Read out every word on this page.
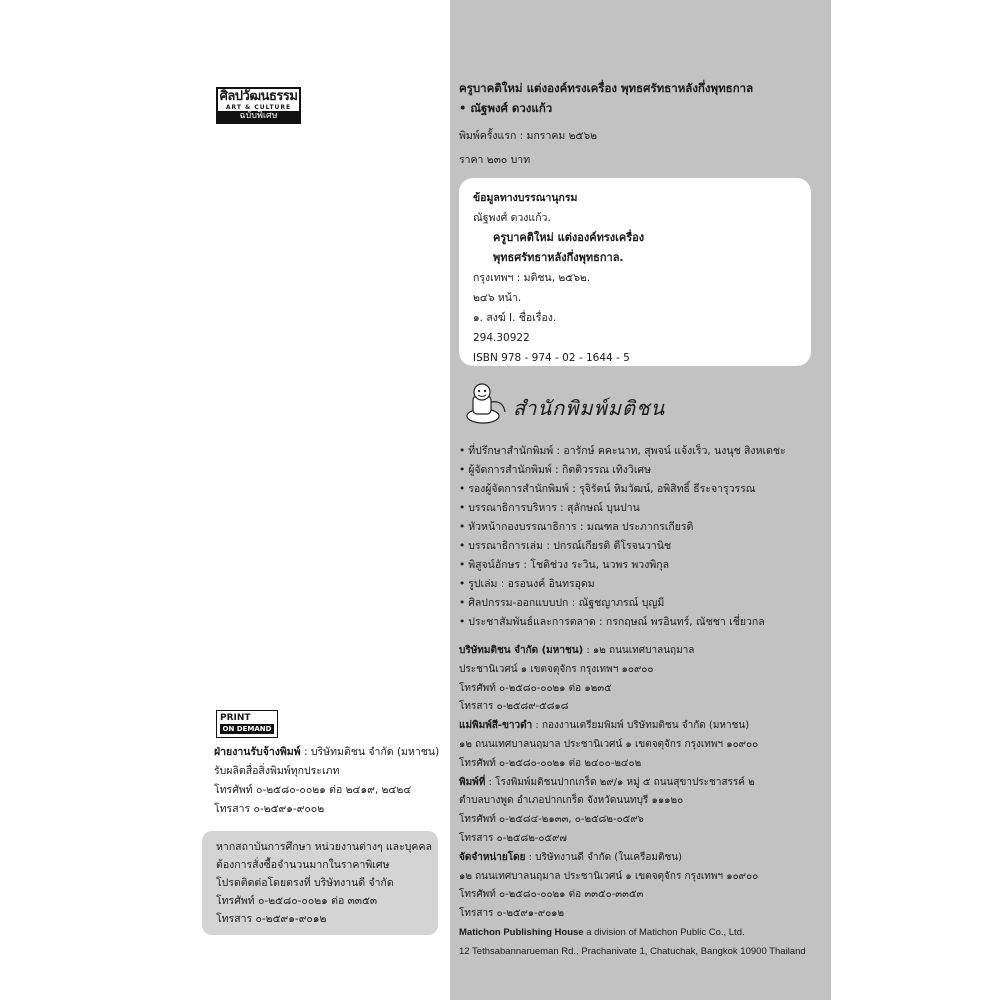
ศิลปวัฒนธรรม
ART & CULTURE
ฉบับพิเศษ
PRINT
ON DEMAND
ฝ่ายงานรับจ้างพิมพ์ : บริษัทมติชน จำกัด (มหาชน)
รับผลิตสื่อสิ่งพิมพ์ทุกประเภท
โทรศัพท์ ๐-๒๕๘๐-๐๐๒๑ ต่อ ๒๔๑๙, ๒๔๒๔
โทรสาร ๐-๒๕๙๑-๙๐๐๒
หากสถาบันการศึกษา หน่วยงานต่างๆ และบุคคล
ต้องการสั่งซื้อจำนวนมากในราคาพิเศษ
โปรดติดต่อโดยตรงที่ บริษัทงานดี จำกัด
โทรศัพท์ ๐-๒๕๘๐-๐๐๒๑ ต่อ ๓๓๕๓
โทรสาร ๐-๒๕๙๑-๙๐๑๒
ครูบาคติใหม่ แต่งองค์ทรงเครื่อง พุทธศรัทธาหลังกึ่งพุทธกาล
• ณัฐพงศ์ ดวงแก้ว
พิมพ์ครั้งแรก : มกราคม ๒๕๖๒
ราคา ๒๓๐ บาท
ข้อมูลทางบรรณานุกรม
ณัฐพงศ์ ดวงแก้ว.
ครูบาคติใหม่ แต่งองค์ทรงเครื่อง
พุทธศรัทธาหลังกึ่งพุทธกาล.
กรุงเทพฯ : มติชน, ๒๕๖๒.
๒๔๖ หน้า.
๑. สงฆ์ I. ชื่อเรื่อง.
294.30922
ISBN 978 - 974 - 02 - 1644 - 5
สำนักพิมพ์มติชน
• ที่ปรึกษาสำนักพิมพ์ : อารักษ์ คคะนาท, สุพจน์ แจ้งเร็ว, นงนุช สิงหเดชะ
• ผู้จัดการสำนักพิมพ์ : กิตติวรรณ เทิงวิเศษ
• รองผู้จัดการสำนักพิมพ์ : รุจิรัตน์ หิมวัฒน์, อพิสิทธิ์ ธีระจารุวรรณ
• บรรณาธิการบริหาร : สุลักษณ์ บุนปาน
• หัวหน้ากองบรรณาธิการ : มณฑล ประภากรเกียรติ
• บรรณาธิการเล่ม : ปกรณ์เกียรติ ตีโรจนวานิช
• พิสูจน์อักษร : โชติช่วง ระวิน, นวพร พวงพิกุล
• รูปเล่ม : อรอนงค์ อินทรอุดม
• ศิลปกรรม-ออกแบบปก : ณัฐชญาภรณ์ บุญมี
• ประชาสัมพันธ์และการตลาด : กรกฤษณ์ พรอินทร์, ณัชชา เชี่ยวกล
บริษัทมติชน จำกัด (มหาชน) : ๑๒ ถนนเทศบาลนฤมาล
ประชานิเวศน์ ๑ เขตจตุจักร กรุงเทพฯ ๑๐๙๐๐
โทรศัพท์ ๐-๒๕๘๐-๐๐๒๑ ต่อ ๑๒๓๕
โทรสาร ๐-๒๕๘๙-๕๘๑๘
แม่พิมพ์สี-ขาวดำ : กองงานเตรียมพิมพ์ บริษัทมติชน จำกัด (มหาชน)
๑๒ ถนนเทศบาลนฤมาล ประชานิเวศน์ ๑ เขตจตุจักร กรุงเทพฯ ๑๐๙๐๐
โทรศัพท์ ๐-๒๕๘๐-๐๐๒๑ ต่อ ๒๔๐๐-๒๔๐๒
พิมพ์ที่ : โรงพิมพ์มติชนปากเกร็ด ๒๙/๑ หมู่ ๕ ถนนสุขาประชาสรรค์ ๒
ตำบลบางพูด อำเภอปากเกร็ด จังหวัดนนทบุรี ๑๑๑๒๐
โทรศัพท์ ๐-๒๕๘๔-๒๑๓๓, ๐-๒๕๘๒-๐๕๙๖
โทรสาร ๐-๒๕๘๒-๐๕๙๗
จัดจำหน่ายโดย : บริษัทงานดี จำกัด (ในเครือมติชน)
๑๒ ถนนเทศบาลนฤมาล ประชานิเวศน์ ๑ เขตจตุจักร กรุงเทพฯ ๑๐๙๐๐
โทรศัพท์ ๐-๒๕๘๐-๐๐๒๑ ต่อ ๓๓๕๐-๓๓๕๓
โทรสาร ๐-๒๕๙๑-๙๐๑๒
Matichon Publishing House a division of Matichon Public Co., Ltd.
12 Tethsabannarueman Rd., Prachanivate 1, Chatuchak, Bangkok 10900 Thailand
